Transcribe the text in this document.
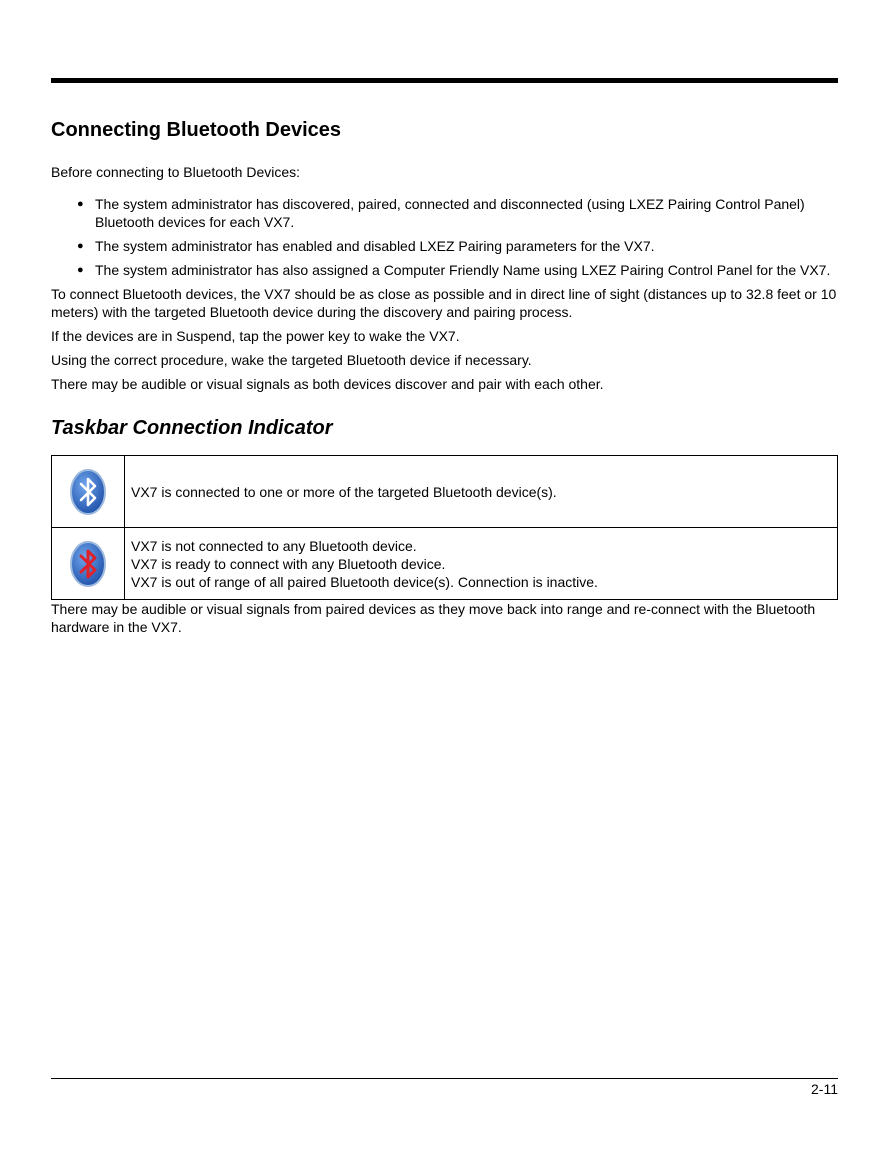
Connecting Bluetooth Devices

Before connecting to Bluetooth Devices:

● The system administrator has discovered, paired, connected and disconnected (using LXEZ Pairing Control Panel)
Bluetooth devices for each VX7.
● The system administrator has enabled and disabled LXEZ Pairing parameters for the VX7.
● The system administrator has also assigned a Computer Friendly Name using LXEZ Pairing Control Panel for the VX7.

To connect Bluetooth devices, the VX7 should be as close as possible and in direct line of sight (distances up to 32.8 feet or 10
meters) with the targeted Bluetooth device during the discovery and pairing process.

If the devices are in Suspend, tap the power key to wake the VX7.

Using the correct procedure, wake the targeted Bluetooth device if necessary.

There may be audible or visual signals as both devices discover and pair with each other.

Taskbar Connection Indicator

VX7 is connected to one or more of the targeted Bluetooth device(s).

VX7 is not connected to any Bluetooth device.
VX7 is ready to connect with any Bluetooth device.
VX7 is out of range of all paired Bluetooth device(s). Connection is inactive.

There may be audible or visual signals from paired devices as they move back into range and re-connect with the Bluetooth
hardware in the VX7.

2-11
